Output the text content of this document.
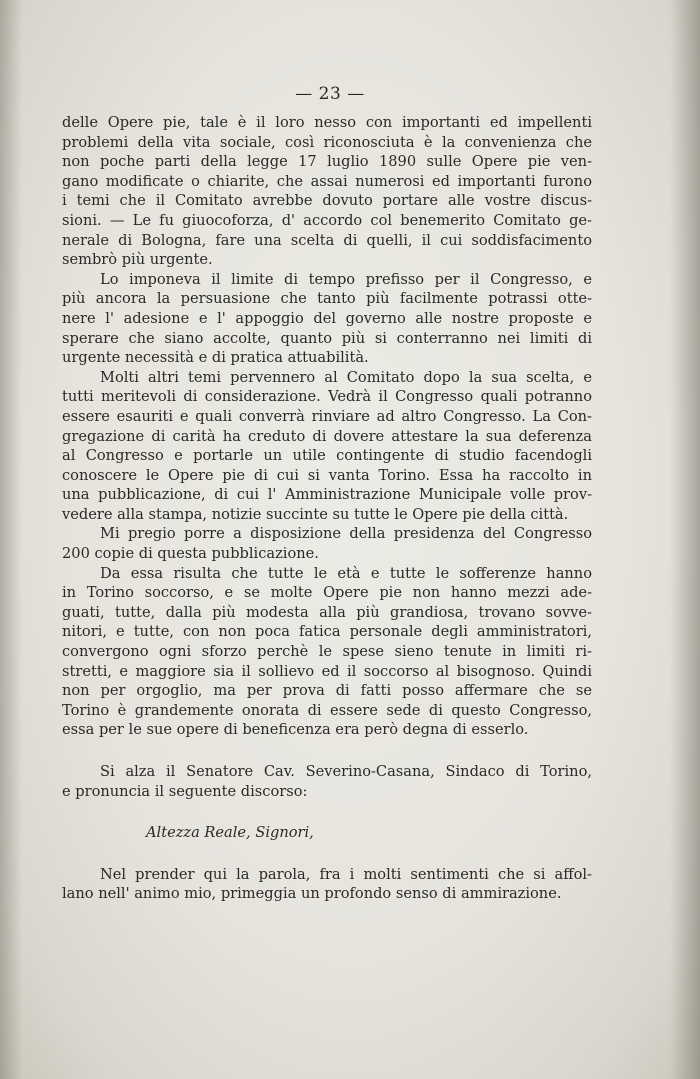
— 23 —
delle Opere pie, tale è il loro nesso con importanti ed impellenti
problemi della vita sociale, così riconosciuta è la convenienza che
non poche parti della legge 17 luglio 1890 sulle Opere pie ven-
gano modificate o chiarite, che assai numerosi ed importanti furono
i temi che il Comitato avrebbe dovuto portare alle vostre discus-
sioni. — Le fu giuocoforza, d' accordo col benemerito Comitato ge-
nerale di Bologna, fare una scelta di quelli, il cui soddisfacimento
sembrò più urgente.
Lo imponeva il limite di tempo prefisso per il Congresso, e
più ancora la persuasione che tanto più facilmente potrassi otte-
nere l' adesione e l' appoggio del governo alle nostre proposte e
sperare che siano accolte, quanto più si conterranno nei limiti di
urgente necessità e di pratica attuabilità.
Molti altri temi pervennero al Comitato dopo la sua scelta, e
tutti meritevoli di considerazione. Vedrà il Congresso quali potranno
essere esauriti e quali converrà rinviare ad altro Congresso. La Con-
gregazione di carità ha creduto di dovere attestare la sua deferenza
al Congresso e portarle un utile contingente di studio facendogli
conoscere le Opere pie di cui si vanta Torino. Essa ha raccolto in
una pubblicazione, di cui l' Amministrazione Municipale volle prov-
vedere alla stampa, notizie succinte su tutte le Opere pie della città.
Mi pregio porre a disposizione della presidenza del Congresso
200 copie di questa pubblicazione.
Da essa risulta che tutte le età e tutte le sofferenze hanno
in Torino soccorso, e se molte Opere pie non hanno mezzi ade-
guati, tutte, dalla più modesta alla più grandiosa, trovano sovve-
nitori, e tutte, con non poca fatica personale degli amministratori,
convergono ogni sforzo perchè le spese sieno tenute in limiti ri-
stretti, e maggiore sia il sollievo ed il soccorso al bisognoso. Quindi
non per orgoglio, ma per prova di fatti posso affermare che se
Torino è grandemente onorata di essere sede di questo Congresso,
essa per le sue opere di beneficenza era però degna di esserlo.
Si alza il Senatore Cav. Severino-Casana, Sindaco di Torino,
e pronuncia il seguente discorso:
Altezza Reale, Signori,
Nel prender qui la parola, fra i molti sentimenti che si affol-
lano nell' animo mio, primeggia un profondo senso di ammirazione.
